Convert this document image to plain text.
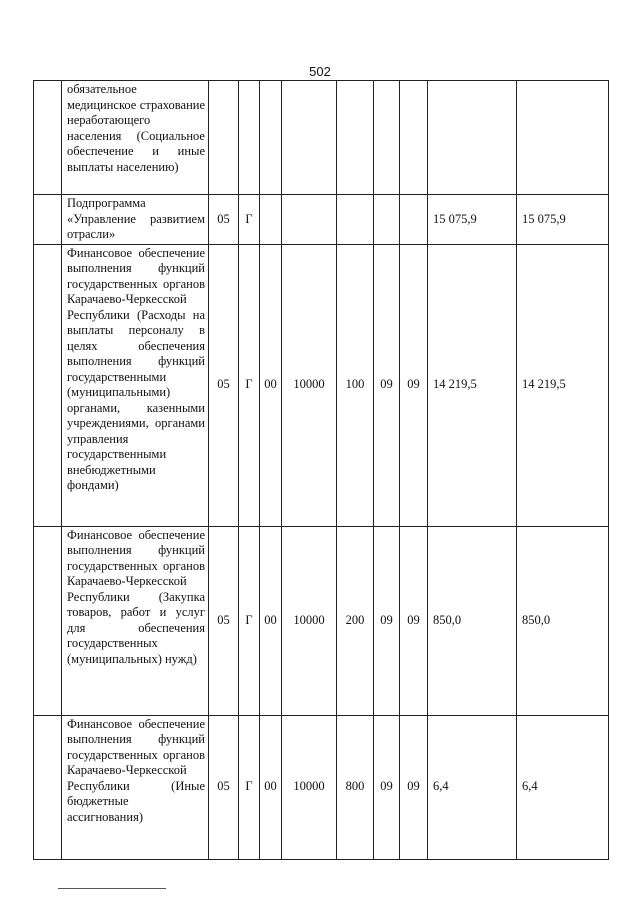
502
	обязательное медицинское страхование неработающего населения (Социальное обеспечение и иные выплаты населению)									
	Подпрограмма «Управление развитием отрасли»	05	Г						15 075,9	15 075,9
	Финансовое обеспечение выполнения функций государственных органов Карачаево-Черкесской Республики (Расходы на выплаты персоналу в целях обеспечения выполнения функций государственными (муниципальными) органами, казенными учреждениями, органами управления государственными внебюджетными фондами)	05	Г	00	10000	100	09	09	14 219,5	14 219,5
	Финансовое обеспечение выполнения функций государственных органов Карачаево-Черкесской Республики (Закупка товаров, работ и услуг для обеспечения государственных (муниципальных) нужд)	05	Г	00	10000	200	09	09	850,0	850,0
	Финансовое обеспечение выполнения функций государственных органов Карачаево-Черкесской Республики (Иные бюджетные ассигнования)	05	Г	00	10000	800	09	09	6,4	6,4
